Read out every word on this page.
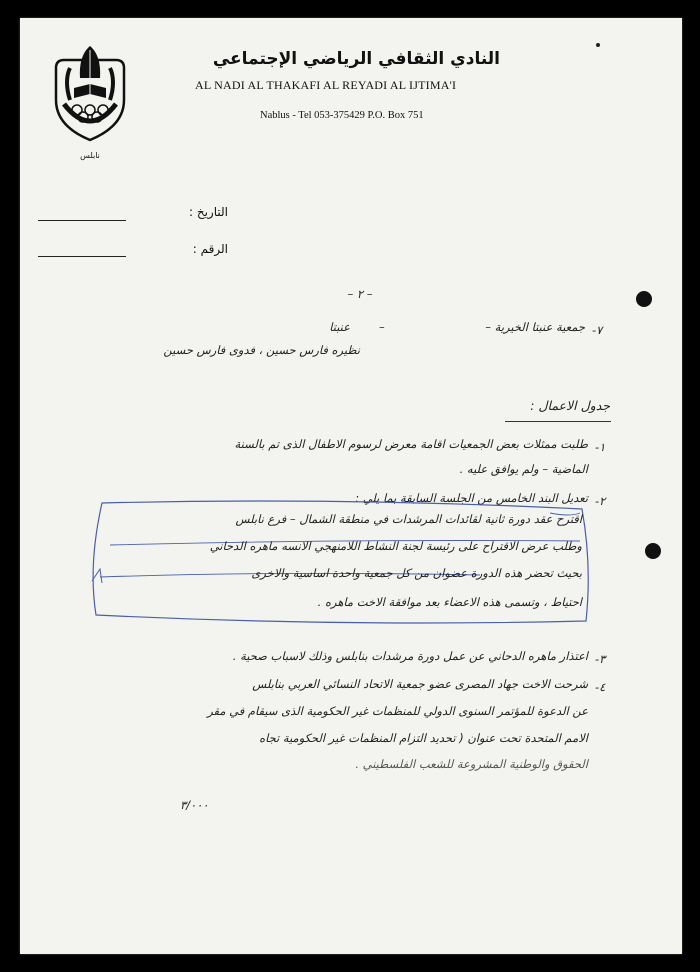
نابلس
النادي الثقافي الرياضي الإجتماعي
AL NADI AL THAKAFI AL REYADI AL IJTIMA'I
Nablus - Tel 053-375429 P.O. Box 751
التاريخ :
الرقم :
– ٢ –
٧-
جمعية عنبتا الخيرية –
–
عنبتا
نظيره فارس حسين ، فدوى فارس حسين
جدول الاعمال :
١-
طلبت ممثلات بعض الجمعيات اقامة معرض لرسوم الاطفال الذى تم بالسنة
الماضية – ولم يوافق عليه .
٢-
تعديل البند الخامس من الجلسة السابقة بما يلي :
اقترح عقد دورة ثانية لقائدات المرشدات في منطقة الشمال – فرع نابلس
وطلب عرض الاقتراح على رئيسة لجنة النشاط اللامنهجي الانسه ماهره الدحاني
بحيث تحضر هذه الدورة عضوان من كل جمعية واحدة اساسية والاخرى
احتياط ، وتسمى هذه الاعضاء بعد موافقة الاخت ماهره .
٣-
اعتذار ماهره الدحاني عن عمل دورة مرشدات بنابلس وذلك لاسباب صحية .
٤-
شرحت الاخت جهاد المصرى عضو جمعية الاتحاد النسائي العربي بنابلس
عن الدعوة للمؤتمر السنوى الدولي للمنظمات غير الحكومية الذى سيقام في مقر
الامم المتحدة تحت عنوان ( تحديد التزام المنظمات غير الحكومية تجاه
الحقوق والوطنية المشروعة للشعب الفلسطيني .
٣/٠٠٠
